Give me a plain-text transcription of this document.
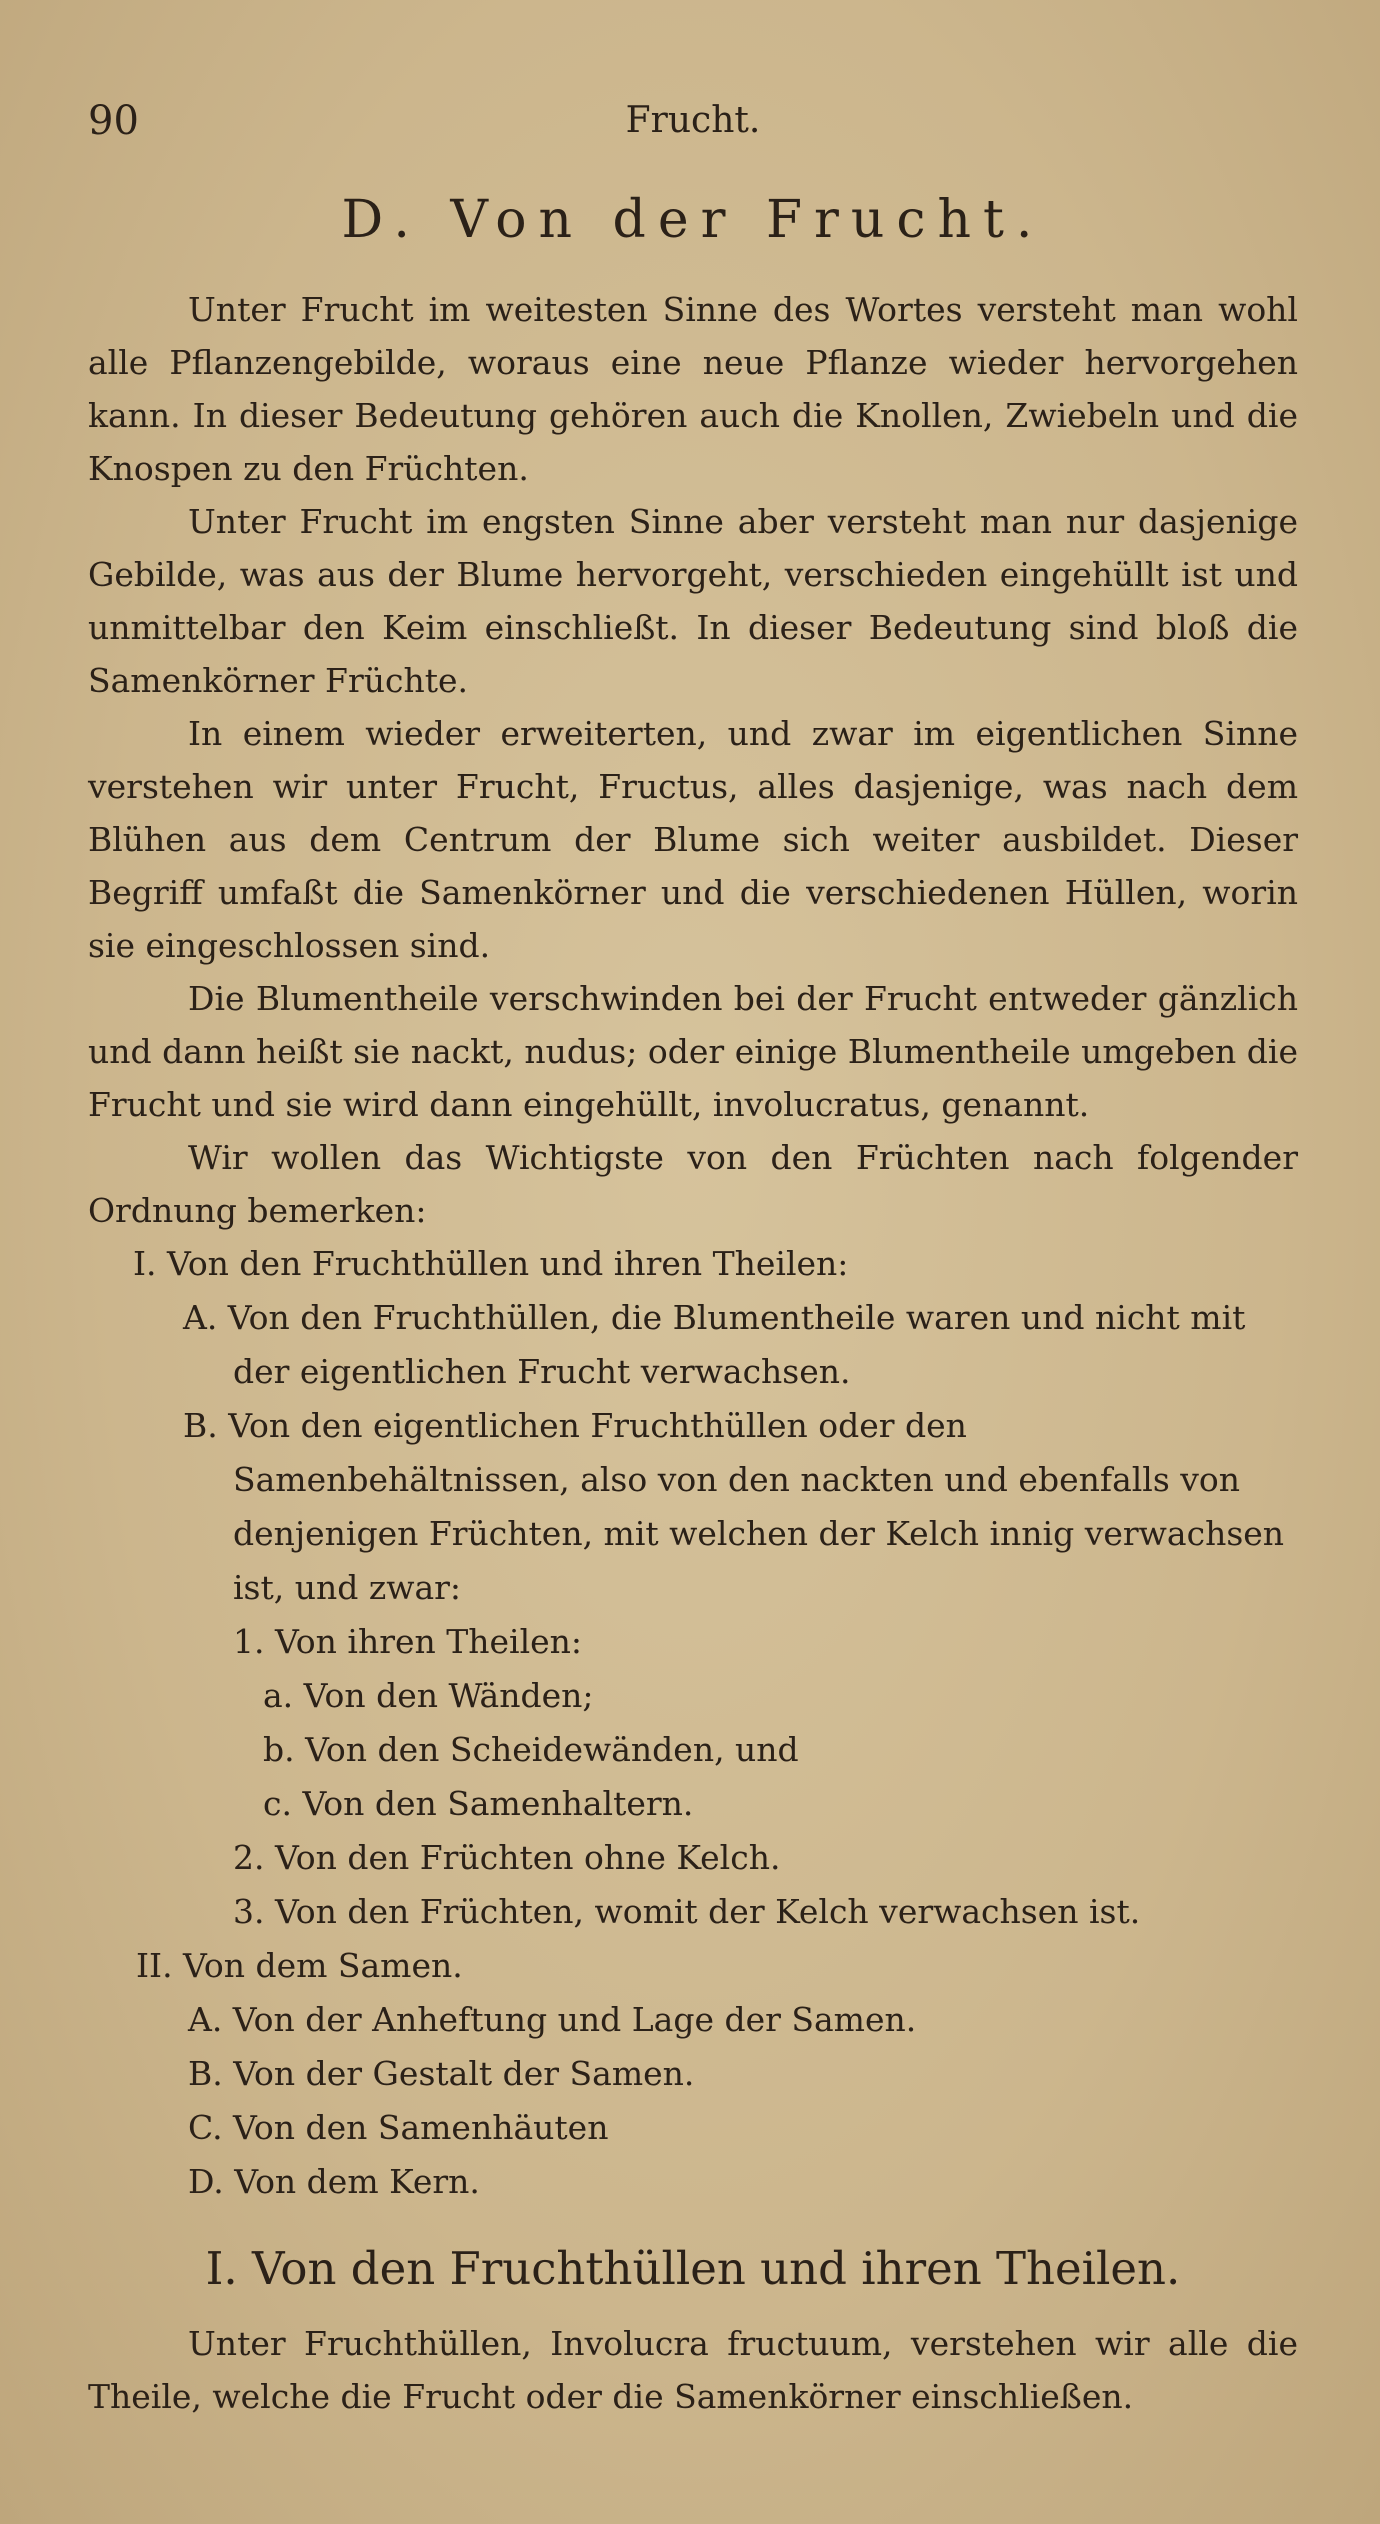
90	Frucht.
D. Von der Frucht.

Unter Frucht im weitesten Sinne des Wortes versteht man wohl alle Pflanzengebilde, woraus eine neue Pflanze wieder hervorgehen kann. In dieser Bedeutung gehören auch die Knollen, Zwiebeln und die Knospen zu den Früchten.

Unter Frucht im engsten Sinne aber versteht man nur dasjenige Gebilde, was aus der Blume hervorgeht, verschieden eingehüllt ist und unmittelbar den Keim einschließt. In dieser Bedeutung sind bloß die Samenkörner Früchte.

In einem wieder erweiterten, und zwar im eigentlichen Sinne verstehen wir unter Frucht, Fructus, alles dasjenige, was nach dem Blühen aus dem Centrum der Blume sich weiter ausbildet. Dieser Begriff umfaßt die Samenkörner und die verschiedenen Hüllen, worin sie eingeschlossen sind.

Die Blumentheile verschwinden bei der Frucht entweder gänzlich und dann heißt sie nackt, nudus; oder einige Blumentheile umgeben die Frucht und sie wird dann eingehüllt, involucratus, genannt.

Wir wollen das Wichtigste von den Früchten nach folgender Ordnung bemerken:

I. Von den Fruchthüllen und ihren Theilen:

A. Von den Fruchthüllen, die Blumentheile waren und nicht mit der eigentlichen Frucht verwachsen.

B. Von den eigentlichen Fruchthüllen oder den Samenbehältnissen, also von den nackten und ebenfalls von denjenigen Früchten, mit welchen der Kelch innig verwachsen ist, und zwar:

1. Von ihren Theilen:

a. Von den Wänden;

b. Von den Scheidewänden, und

c. Von den Samenhaltern.

2. Von den Früchten ohne Kelch.

3. Von den Früchten, womit der Kelch verwachsen ist.

II. Von dem Samen.

A. Von der Anheftung und Lage der Samen.

B. Von der Gestalt der Samen.

C. Von den Samenhäuten

D. Von dem Kern.

I. Von den Fruchthüllen und ihren Theilen.

Unter Fruchthüllen, Involucra fructuum, verstehen wir alle die Theile, welche die Frucht oder die Samenkörner einschließen.
